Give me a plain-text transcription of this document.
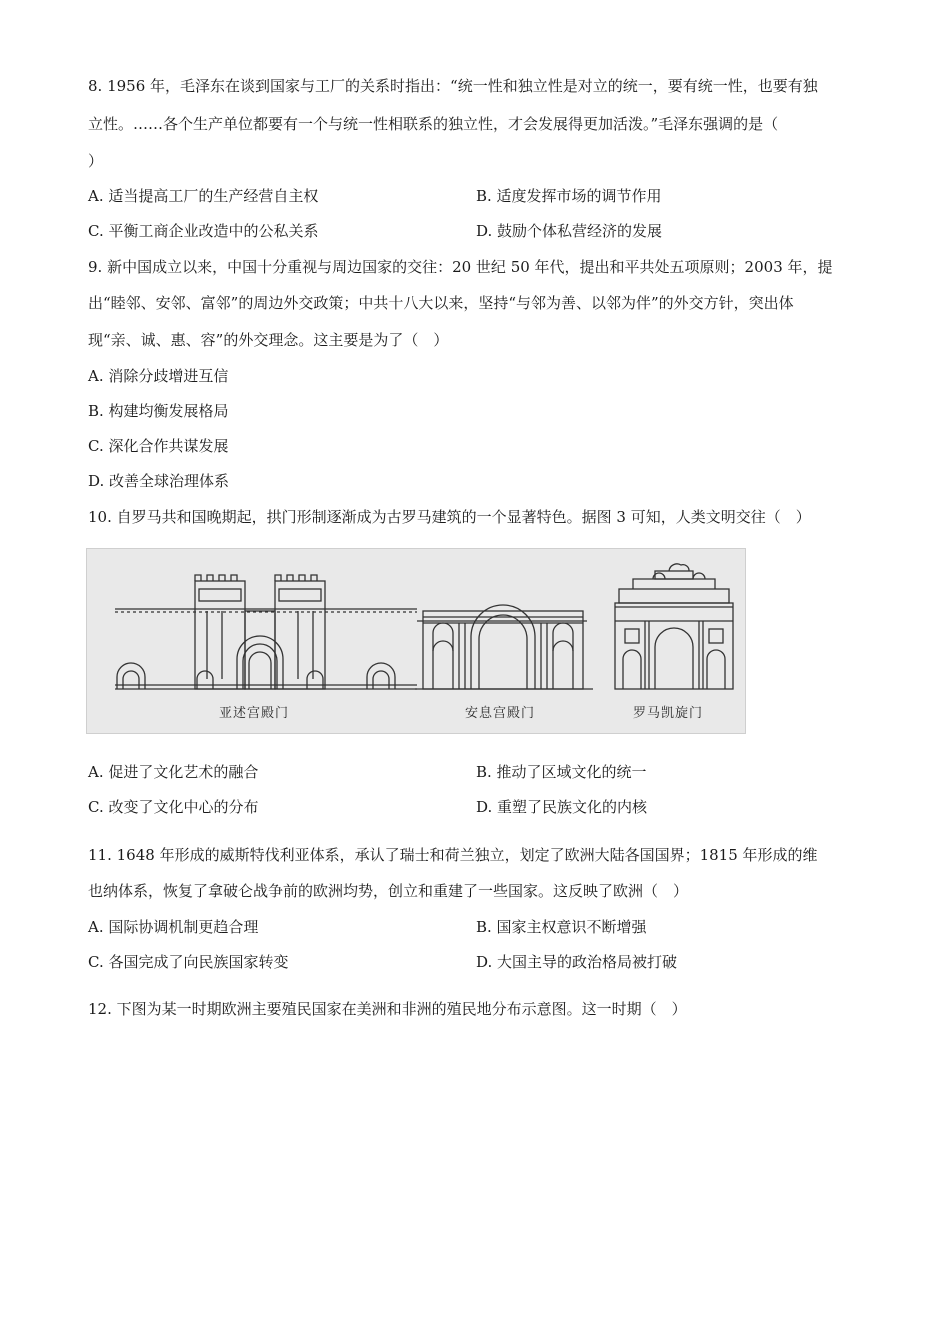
8. 1956 年，毛泽东在谈到国家与工厂的关系时指出：“统一性和独立性是对立的统一，要有统一性，也要有独
立性。……各个生产单位都要有一个与统一性相联系的独立性，才会发展得更加活泼。”毛泽东强调的是（
）
A. 适当提高工厂的生产经营自主权	B. 适度发挥市场的调节作用
C. 平衡工商企业改造中的公私关系	D. 鼓励个体私营经济的发展
9. 新中国成立以来，中国十分重视与周边国家的交往：20 世纪 50 年代，提出和平共处五项原则；2003 年，提
出“睦邻、安邻、富邻”的周边外交政策；中共十八大以来，坚持“与邻为善、以邻为伴”的外交方针，突出体
现“亲、诚、惠、容”的外交理念。这主要是为了（　）
A. 消除分歧增进互信
B. 构建均衡发展格局
C. 深化合作共谋发展
D. 改善全球治理体系
10. 自罗马共和国晚期起，拱门形制逐渐成为古罗马建筑的一个显著特色。据图 3 可知，人类文明交往（　）
亚述宫殿门	安息宫殿门	罗马凯旋门
A. 促进了文化艺术的融合	B. 推动了区域文化的统一
C. 改变了文化中心的分布	D. 重塑了民族文化的内核
11. 1648 年形成的威斯特伐利亚体系，承认了瑞士和荷兰独立，划定了欧洲大陆各国国界；1815 年形成的维
也纳体系，恢复了拿破仑战争前的欧洲均势，创立和重建了一些国家。这反映了欧洲（　）
A. 国际协调机制更趋合理	B. 国家主权意识不断增强
C. 各国完成了向民族国家转变	D. 大国主导的政治格局被打破
12. 下图为某一时期欧洲主要殖民国家在美洲和非洲的殖民地分布示意图。这一时期（　）
